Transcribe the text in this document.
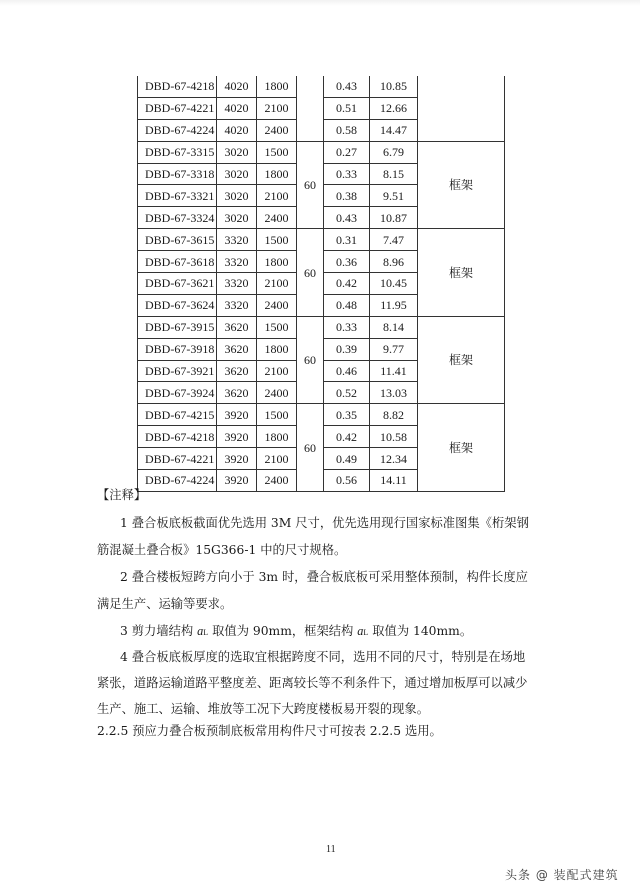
DBD-67-4218	4020	1800		0.43	10.85	
DBD-67-4221	4020	2100		0.51	12.66	
DBD-67-4224	4020	2400		0.58	14.47	
DBD-67-3315	3020	1500	60	0.27	6.79	框架
DBD-67-3318	3020	1800		0.33	8.15	
DBD-67-3321	3020	2100		0.38	9.51	
DBD-67-3324	3020	2400		0.43	10.87	
DBD-67-3615	3320	1500	60	0.31	7.47	框架
DBD-67-3618	3320	1800		0.36	8.96	
DBD-67-3621	3320	2100		0.42	10.45	
DBD-67-3624	3320	2400		0.48	11.95	
DBD-67-3915	3620	1500	60	0.33	8.14	框架
DBD-67-3918	3620	1800		0.39	9.77	
DBD-67-3921	3620	2100		0.46	11.41	
DBD-67-3924	3620	2400		0.52	13.03	
DBD-67-4215	3920	1500	60	0.35	8.82	框架
DBD-67-4218	3920	1800		0.42	10.58	
DBD-67-4221	3920	2100		0.49	12.34	
DBD-67-4224	3920	2400		0.56	14.11	
【注释】
1 叠合板底板截面优先选用 3M 尺寸，优先选用现行国家标准图集《桁架钢
筋混凝土叠合板》15G366-1 中的尺寸规格。
2 叠合楼板短跨方向小于 3m 时，叠合板底板可采用整体预制，构件长度应
满足生产、运输等要求。
3 剪力墙结构 aL 取值为 90mm，框架结构 aL 取值为 140mm。
4 叠合板底板厚度的选取宜根据跨度不同，选用不同的尺寸，特别是在场地
紧张，道路运输道路平整度差、距离较长等不利条件下，通过增加板厚可以减少
生产、施工、运输、堆放等工况下大跨度楼板易开裂的现象。
2.2.5 预应力叠合板预制底板常用构件尺寸可按表 2.2.5 选用。
11
头条 @ 装配式建筑
